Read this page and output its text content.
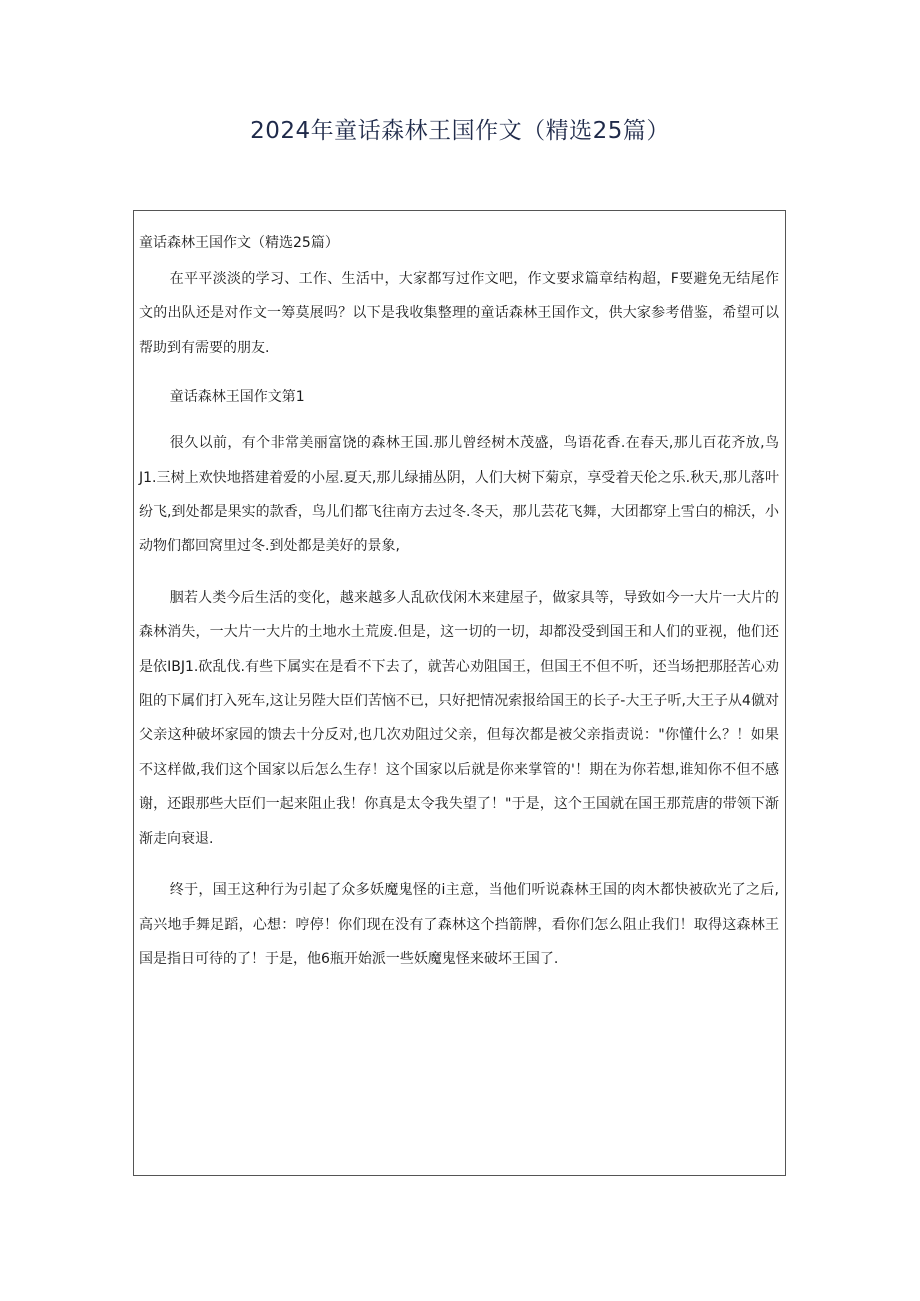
2024年童话森林王国作文（精选25篇）

童话森林王国作文（精选25篇）

在平平淡淡的学习、工作、生活中，大家都写过作文吧，作文要求篇章结构超，F要避免无结尾作文的出队还是对作文一筹莫展吗？以下是我收集整理的童话森林王国作文，供大家参考借鉴，希望可以帮助到有需要的朋友.

童话森林王国作文第1

很久以前，有个非常美丽富饶的森林王国.那儿曾经树木茂盛，鸟语花香.在春天,那儿百花齐放,鸟J1.三树上欢快地搭建着爱的小屋.夏天,那儿绿捕丛阴，人们大树下菊京，享受着天伦之乐.秋天,那儿落叶纷飞,到处都是果实的款香，鸟儿们都飞往南方去过冬.冬天，那儿芸花飞舞，大团都穿上雪白的棉沃，小动物们都回窝里过冬.到处都是美好的景象,

胭若人类今后生活的变化，越来越多人乱砍伐闲木来建屋子，做家具等，导致如今一大片一大片的森林消失，一大片一大片的土地水土荒废.但是，这一切的一切，却都没受到国王和人们的亚视，他们还是依IBJ1.砍乱伐.有些下属实在是看不下去了，就苦心劝阻国王，但国王不但不听，还当场把那胫苦心劝阻的下属们打入死车,这让另陛大臣们苦恼不已，只好把情况索报给国王的长子-大王子听,大王子从4僦对父亲这种破坏家园的馈去十分反对,也几次劝阻过父亲，但每次都是被父亲指责说："你懂什么？！如果不这样做,我们这个国家以后怎么生存！这个国家以后就是你来掌管的'！期在为你若想,谁知你不但不感谢，还跟那些大臣们一起来阻止我！你真是太令我失望了！"于是，这个王国就在国王那荒唐的带领下渐渐走向衰退.

终于，国王这种行为引起了众多妖魔鬼怪的i主意，当他们听说森林王国的肉木都快被砍光了之后,高兴地手舞足蹈，心想：哼停！你们现在没有了森林这个挡箭牌，看你们怎么阻止我们！取得这森林王国是指日可待的了！于是，他6瓶开始派一些妖魔鬼怪来破坏王国了.
